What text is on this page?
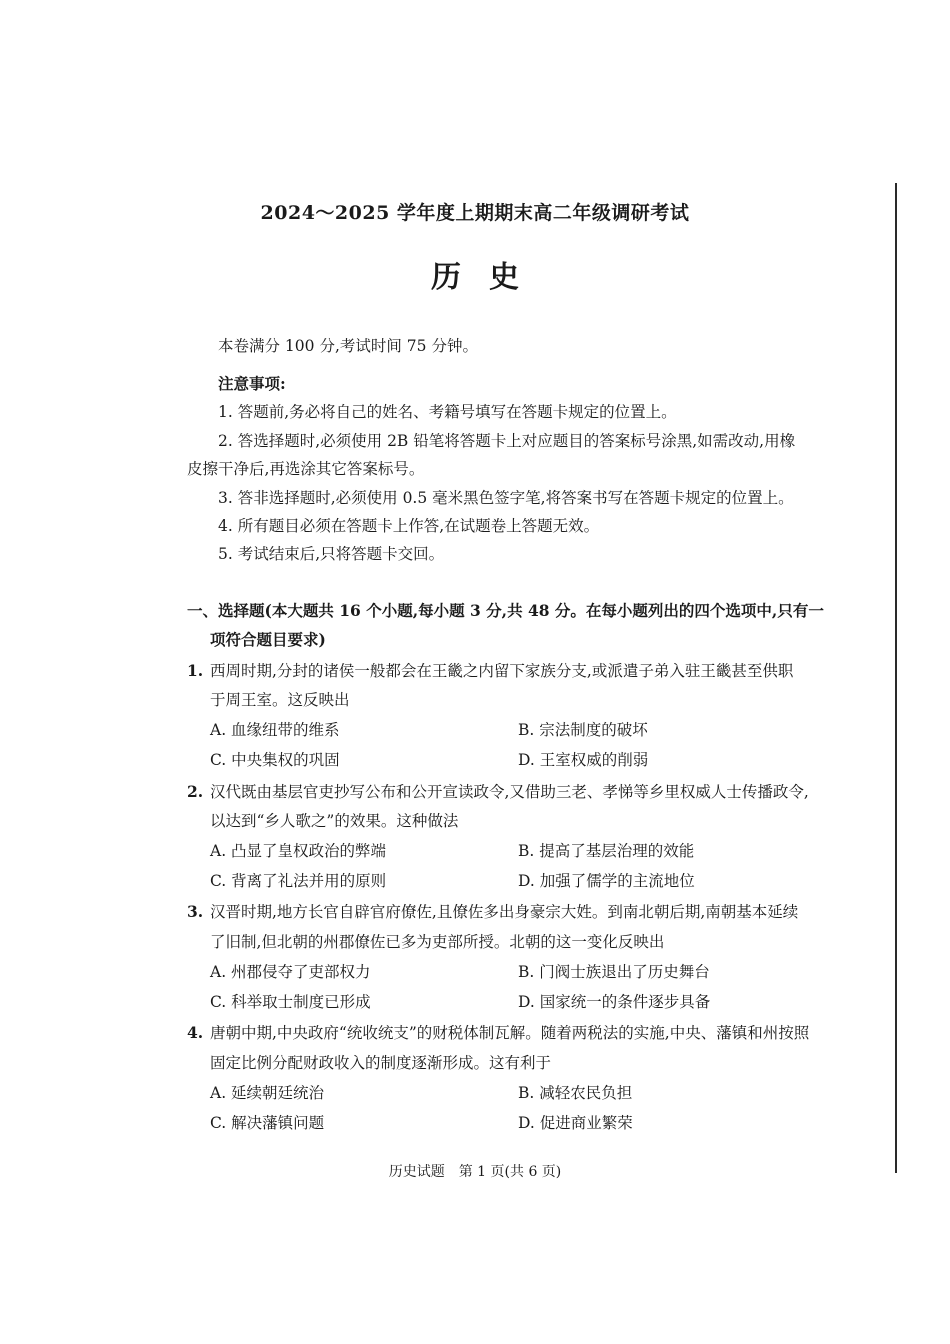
2024～2025 学年度上期期末高二年级调研考试
历史
本卷满分 100 分,考试时间 75 分钟。
注意事项:
1. 答题前,务必将自己的姓名、考籍号填写在答题卡规定的位置上。
2. 答选择题时,必须使用 2B 铅笔将答题卡上对应题目的答案标号涂黑,如需改动,用橡
皮擦干净后,再选涂其它答案标号。
3. 答非选择题时,必须使用 0.5 毫米黑色签字笔,将答案书写在答题卡规定的位置上。
4. 所有题目必须在答题卡上作答,在试题卷上答题无效。
5. 考试结束后,只将答题卡交回。
一、选择题(本大题共 16 个小题,每小题 3 分,共 48 分。在每小题列出的四个选项中,只有一
项符合题目要求)
1. 西周时期,分封的诸侯一般都会在王畿之内留下家族分支,或派遣子弟入驻王畿甚至供职
于周王室。这反映出
A. 血缘纽带的维系	B. 宗法制度的破坏
C. 中央集权的巩固	D. 王室权威的削弱
2. 汉代既由基层官吏抄写公布和公开宣读政令,又借助三老、孝悌等乡里权威人士传播政令,
以达到“乡人歌之”的效果。这种做法
A. 凸显了皇权政治的弊端	B. 提高了基层治理的效能
C. 背离了礼法并用的原则	D. 加强了儒学的主流地位
3. 汉晋时期,地方长官自辟官府僚佐,且僚佐多出身豪宗大姓。到南北朝后期,南朝基本延续
了旧制,但北朝的州郡僚佐已多为吏部所授。北朝的这一变化反映出
A. 州郡侵夺了吏部权力	B. 门阀士族退出了历史舞台
C. 科举取士制度已形成	D. 国家统一的条件逐步具备
4. 唐朝中期,中央政府“统收统支”的财税体制瓦解。随着两税法的实施,中央、藩镇和州按照
固定比例分配财政收入的制度逐渐形成。这有利于
A. 延续朝廷统治	B. 减轻农民负担
C. 解决藩镇问题	D. 促进商业繁荣
历史试题　第 1 页(共 6 页)
